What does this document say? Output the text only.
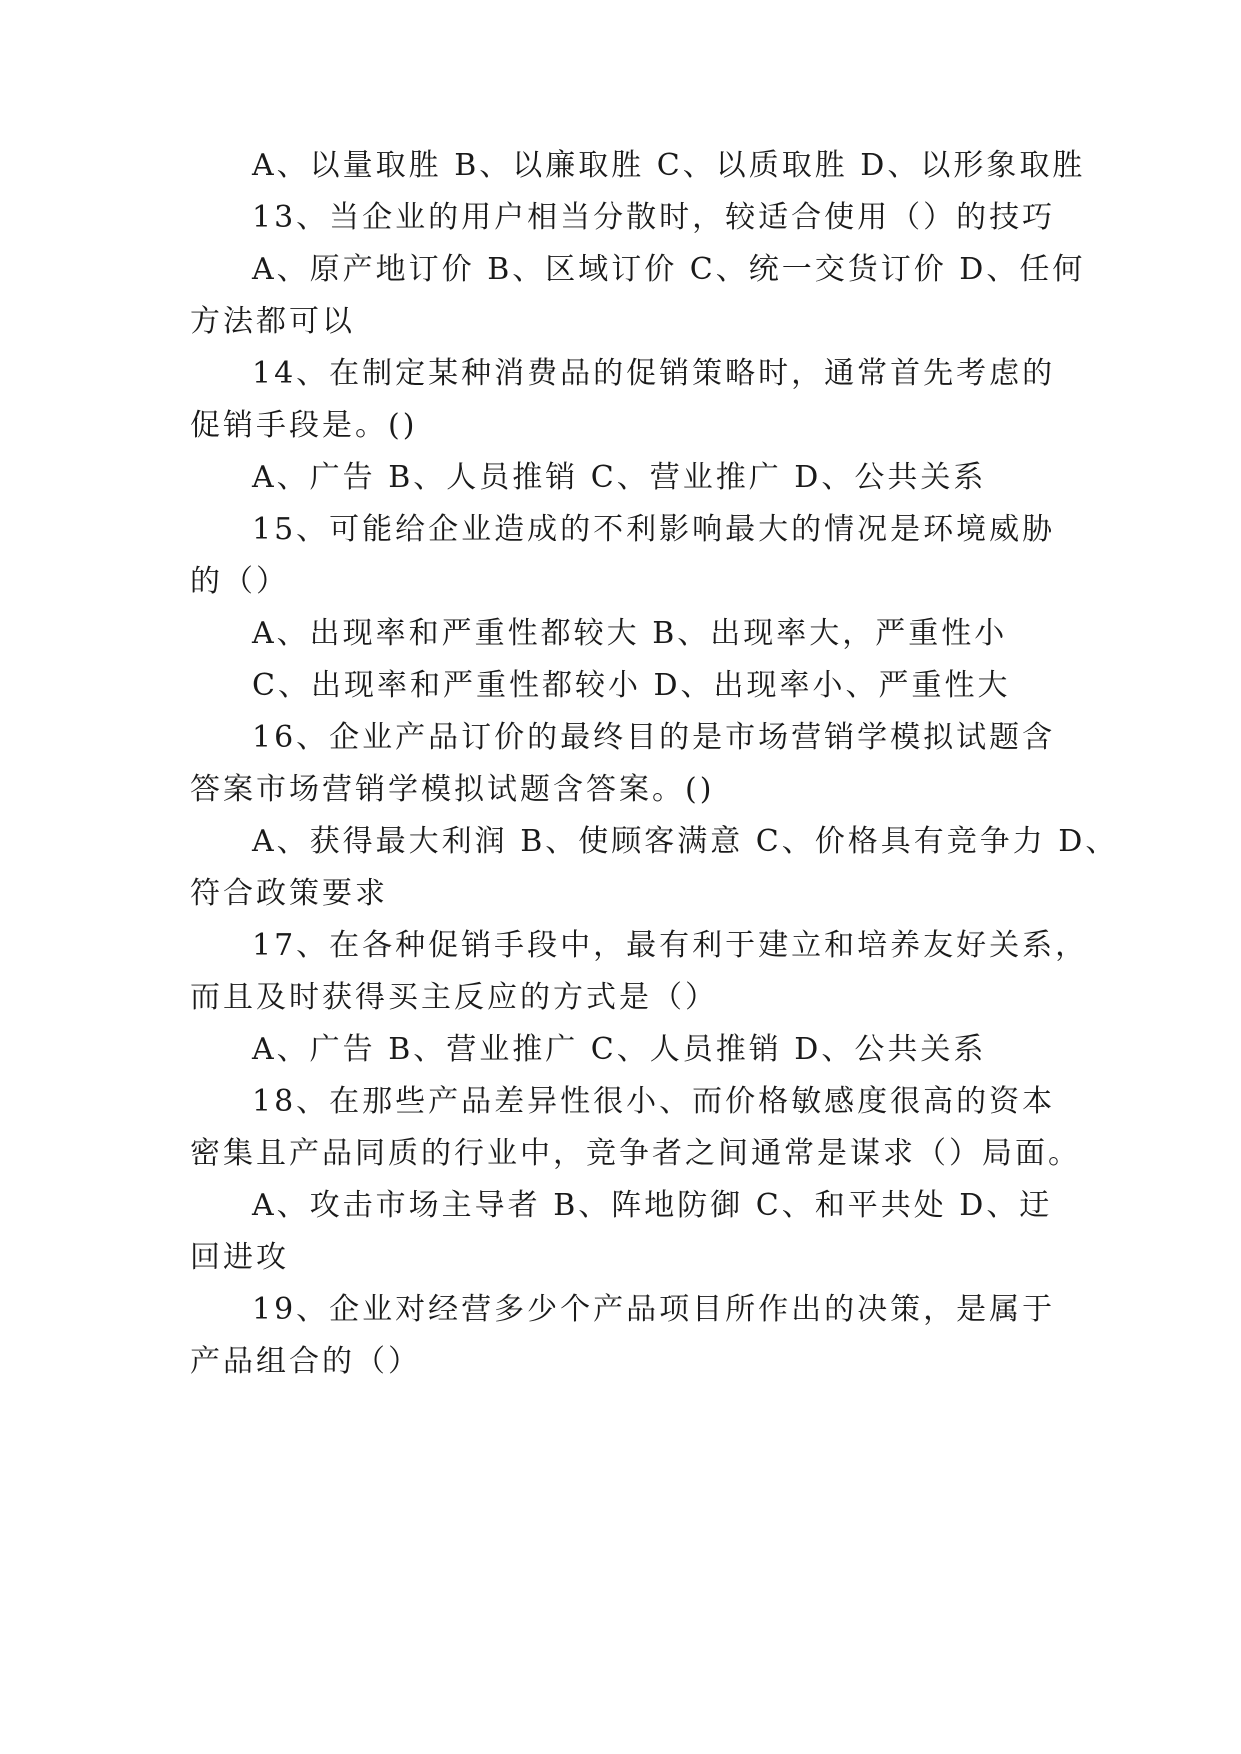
A、以量取胜 B、以廉取胜 C、以质取胜 D、以形象取胜
13、当企业的用户相当分散时，较适合使用（）的技巧
A、原产地订价 B、区域订价 C、统一交货订价 D、任何
方法都可以
14、在制定某种消费品的促销策略时，通常首先考虑的
促销手段是。()
A、广告 B、人员推销 C、营业推广 D、公共关系
15、可能给企业造成的不利影响最大的情况是环境威胁
的（）
A、出现率和严重性都较大 B、出现率大，严重性小
C、出现率和严重性都较小 D、出现率小、严重性大
16、企业产品订价的最终目的是市场营销学模拟试题含
答案市场营销学模拟试题含答案。()
A、获得最大利润 B、使顾客满意 C、价格具有竞争力 D、
符合政策要求
17、在各种促销手段中，最有利于建立和培养友好关系，
而且及时获得买主反应的方式是（）
A、广告 B、营业推广 C、人员推销 D、公共关系
18、在那些产品差异性很小、而价格敏感度很高的资本
密集且产品同质的行业中，竞争者之间通常是谋求（）局面。
A、攻击市场主导者 B、阵地防御 C、和平共处 D、迂
回进攻
19、企业对经营多少个产品项目所作出的决策，是属于
产品组合的（）
